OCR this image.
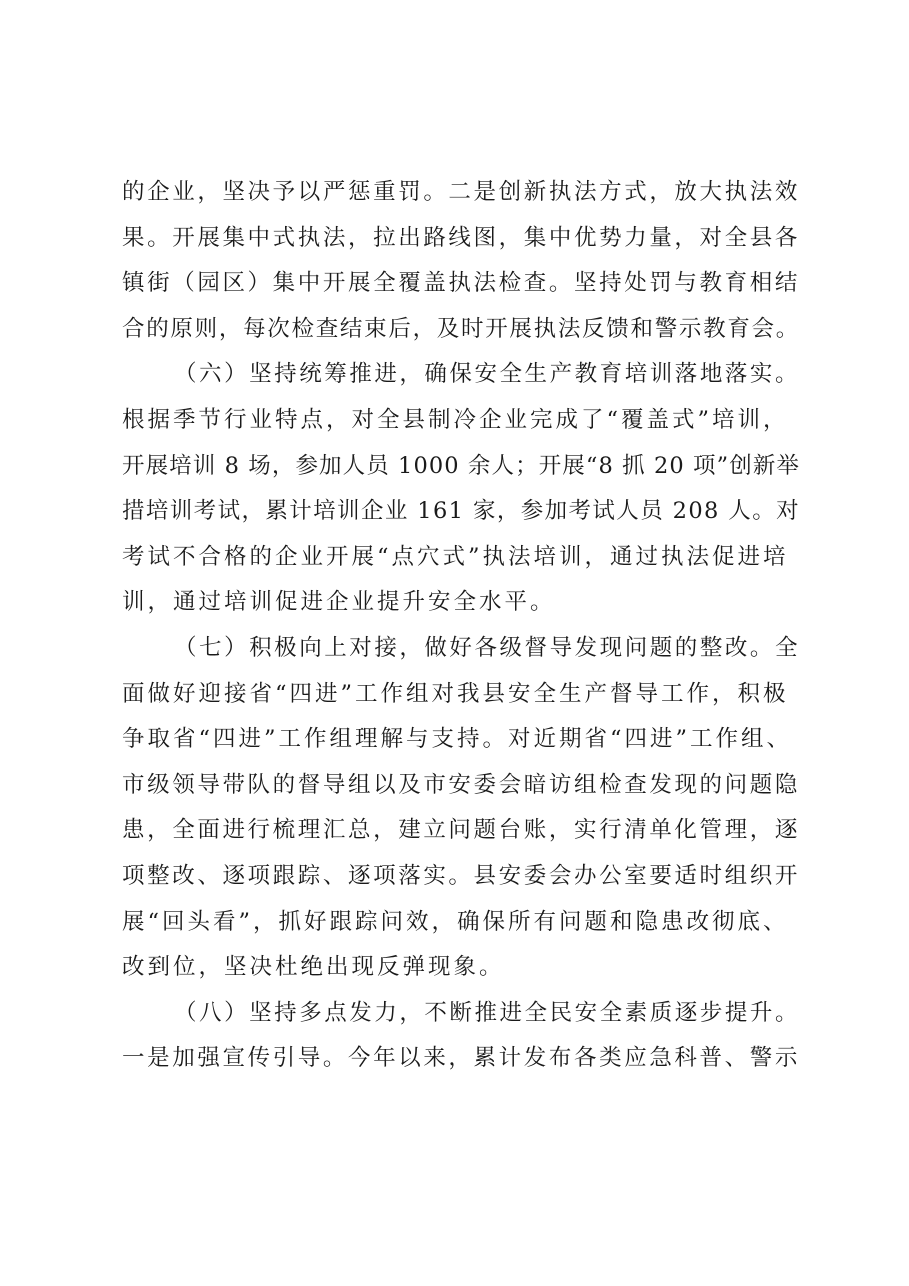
的企业，坚决予以严惩重罚。二是创新执法方式，放大执法效
果。开展集中式执法，拉出路线图，集中优势力量，对全县各
镇街（园区）集中开展全覆盖执法检查。坚持处罚与教育相结
合的原则，每次检查结束后，及时开展执法反馈和警示教育会。
（六）坚持统筹推进，确保安全生产教育培训落地落实。
根据季节行业特点，对全县制冷企业完成了“覆盖式”培训，
开展培训 8 场，参加人员 1000 余人；开展“8 抓 20 项”创新举
措培训考试，累计培训企业 161 家，参加考试人员 208 人。对
考试不合格的企业开展“点穴式”执法培训，通过执法促进培
训，通过培训促进企业提升安全水平。
（七）积极向上对接，做好各级督导发现问题的整改。全
面做好迎接省“四进”工作组对我县安全生产督导工作，积极
争取省“四进”工作组理解与支持。对近期省“四进”工作组、
市级领导带队的督导组以及市安委会暗访组检查发现的问题隐
患，全面进行梳理汇总，建立问题台账，实行清单化管理，逐
项整改、逐项跟踪、逐项落实。县安委会办公室要适时组织开
展“回头看”，抓好跟踪问效，确保所有问题和隐患改彻底、
改到位，坚决杜绝出现反弹现象。
（八）坚持多点发力，不断推进全民安全素质逐步提升。
一是加强宣传引导。今年以来，累计发布各类应急科普、警示
